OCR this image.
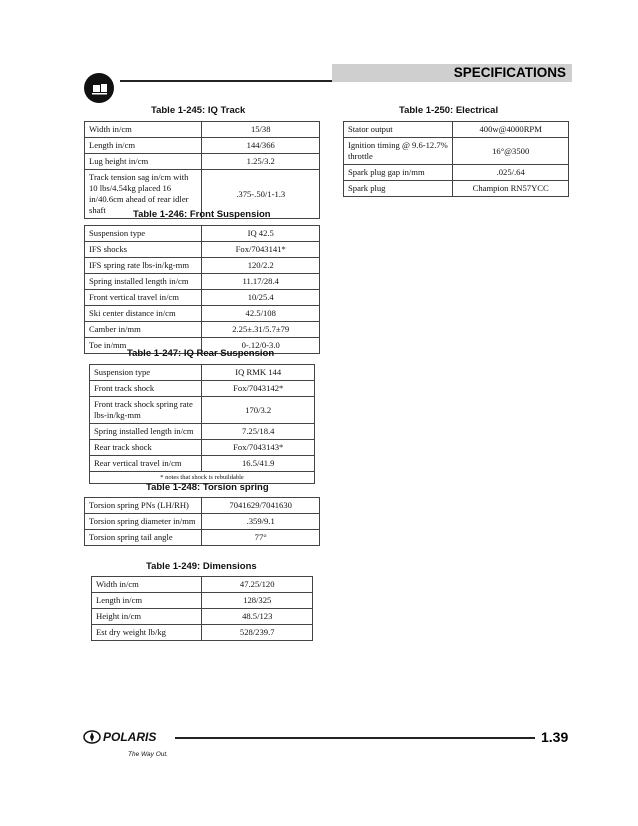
SPECIFICATIONS
Table 1-245: IQ Track
Width in/cm	15/38
Length in/cm	144/366
Lug height in/cm	1.25/3.2
Track tension sag in/cm with 10 lbs/4.54kg placed 16 in/40.6cm ahead of rear idler shaft	.375-.50/1-1.3
Table 1-246: Front Suspension
Suspension type	IQ 42.5
IFS shocks	Fox/7043141*
IFS spring rate lbs-in/kg-mm	120/2.2
Spring installed length in/cm	11.17/28.4
Front vertical travel in/cm	10/25.4
Ski center distance in/cm	42.5/108
Camber in/mm	2.25±.31/5.7±79
Toe in/mm	0-.12/0-3.0
Table 1-247: IQ Rear Suspension
Suspension type	IQ RMK 144
Front track shock	Fox/7043142*
Front track shock spring rate lbs-in/kg-mm	170/3.2
Spring installed length in/cm	7.25/18.4
Rear track shock	Fox/7043143*
Rear vertical travel in/cm	16.5/41.9
* notes that shock is rebuildable	
Table 1-248: Torsion spring
Torsion spring PNs (LH/RH)	7041629/7041630
Torsion spring diameter in/mm	.359/9.1
Torsion spring tail angle	77°
Table 1-249: Dimensions
Width in/cm	47.25/120
Length in/cm	128/325
Height in/cm	48.5/123
Est dry weight lb/kg	528/239.7
Table 1-250: Electrical
Stator output	400w@4000RPM
Ignition timing @ 9.6-12.7% throttle	16°@3500
Spark plug gap in/mm	.025/.64
Spark plug	Champion RN57YCC
POLARIS
The Way Out.
1.39
